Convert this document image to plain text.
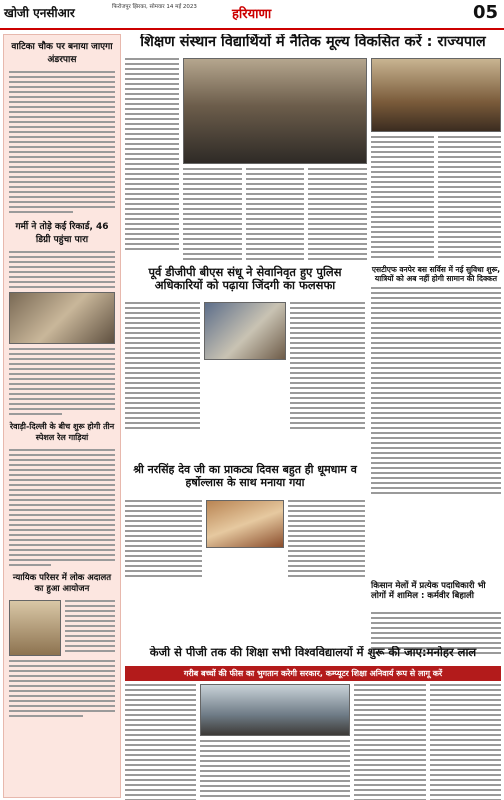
खोजी एनसीआर	फिरोजपुर झिरका, सोमवार 14 मई 2023	हरियाणा	05
वाटिका चौक पर बनाया जाएगा अंडरपास
गर्मी ने तोड़े कई रिकार्ड, 46 डिग्री पहुंचा पारा
रेवाड़ी-दिल्ली के बीच शुरू होगी तीन स्पेशल रेल गाड़ियां
न्यायिक परिसर में लोक अदालत का हुआ आयोजन
शिक्षण संस्थान विद्यार्थियों में नैतिक मूल्य विकसित करें : राज्यपाल
पूर्व डीजीपी बीएस संधू ने सेवानिवृत हुए पुलिस अधिकारियों को पढ़ाया जिंदगी का फलसफा
एसटीएफ वनपेर बस सर्विस में नई सुविधा शुरू, यात्रियों को अब नहीं होगी सामान की दिक्कत
श्री नरसिंह देव जी का प्राकट्य दिवस बहुत ही धूमधाम व हर्षोल्लास के साथ मनाया गया
किसान मेलों में प्रत्येक पदाधिकारी भी लोगों में शामिल : कर्मवीर बिहाली
केजी से पीजी तक की शिक्षा सभी विश्वविद्यालयों में शुरू की जाए:मनोहर लाल
गरीब बच्चों की फीस का भुगतान करेगी सरकार, कम्प्यूटर शिक्षा अनिवार्य रूप से लागू करें
